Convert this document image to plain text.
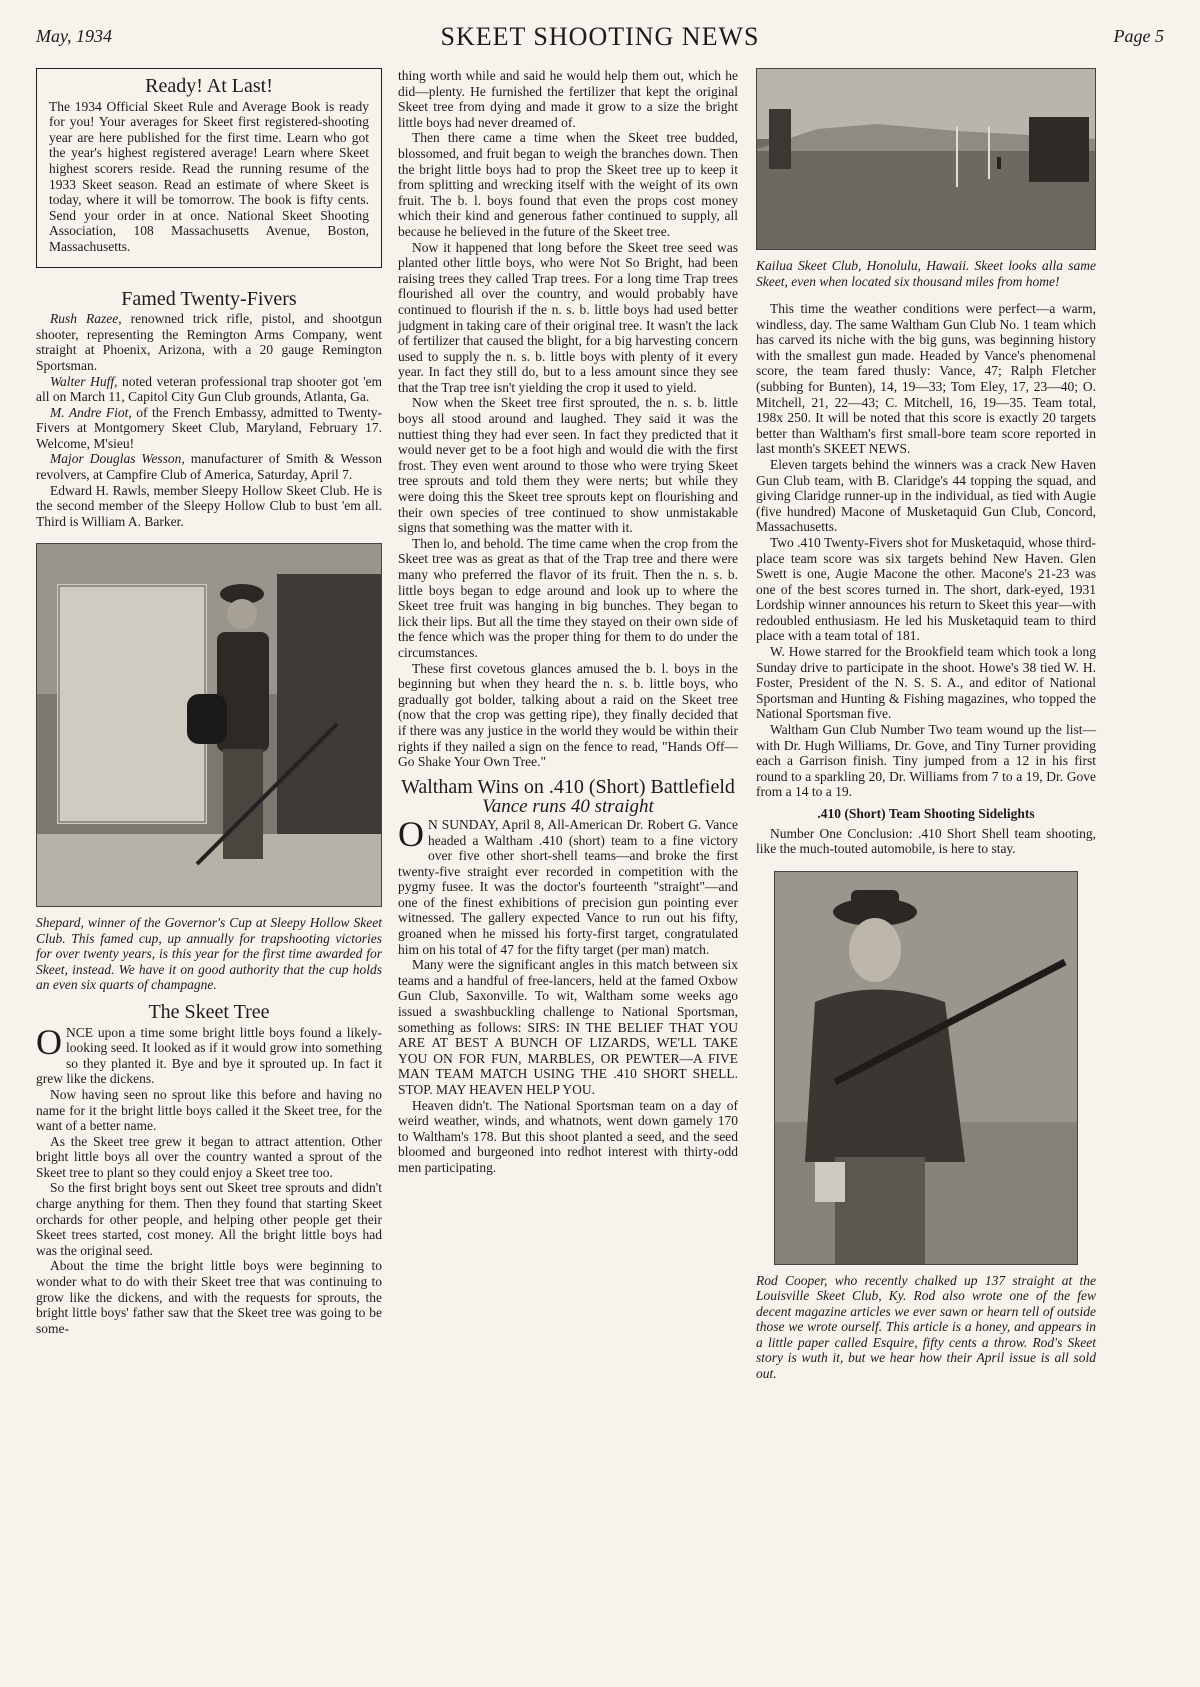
May, 1934	SKEET SHOOTING NEWS	Page 5
Ready! At Last!

The 1934 Official Skeet Rule and Average Book is ready for you! Your averages for Skeet first registered-shooting year are here published for the first time. Learn who got the year's highest registered average! Learn where Skeet highest scorers reside. Read the running resume of the 1933 Skeet season. Read an estimate of where Skeet is today, where it will be tomorrow. The book is fifty cents. Send your order in at once. National Skeet Shooting Association, 108 Massachusetts Avenue, Boston, Massachusetts.

Famed Twenty-Fivers

Rush Razee, renowned trick rifle, pistol, and shootgun shooter, representing the Remington Arms Company, went straight at Phoenix, Arizona, with a 20 gauge Remington Sportsman.

Walter Huff, noted veteran professional trap shooter got 'em all on March 11, Capitol City Gun Club grounds, Atlanta, Ga.

M. Andre Fiot, of the French Embassy, admitted to Twenty-Fivers at Montgomery Skeet Club, Maryland, February 17. Welcome, M'sieu!

Major Douglas Wesson, manufacturer of Smith & Wesson revolvers, at Campfire Club of America, Saturday, April 7.

Edward H. Rawls, member Sleepy Hollow Skeet Club. He is the second member of the Sleepy Hollow Club to bust 'em all. Third is William A. Barker.

Shepard, winner of the Governor's Cup at Sleepy Hollow Skeet Club. This famed cup, up annually for trapshooting victories for over twenty years, is this year for the first time awarded for Skeet, instead. We have it on good authority that the cup holds an even six quarts of champagne.
The Skeet Tree

ONCE upon a time some bright little boys found a likely-looking seed. It looked as if it would grow into something so they planted it. Bye and bye it sprouted up. In fact it grew like the dickens.

Now having seen no sprout like this before and having no name for it the bright little boys called it the Skeet tree, for the want of a better name.

As the Skeet tree grew it began to attract attention. Other bright little boys all over the country wanted a sprout of the Skeet tree to plant so they could enjoy a Skeet tree too.

So the first bright boys sent out Skeet tree sprouts and didn't charge anything for them. Then they found that starting Skeet orchards for other people, and helping other people get their Skeet trees started, cost money. All the bright little boys had was the original seed.

About the time the bright little boys were beginning to wonder what to do with their Skeet tree that was continuing to grow like the dickens, and with the requests for sprouts, the bright little boys' father saw that the Skeet tree was going to be some-

thing worth while and said he would help them out, which he did—plenty. He furnished the fertilizer that kept the original Skeet tree from dying and made it grow to a size the bright little boys had never dreamed of.

Then there came a time when the Skeet tree budded, blossomed, and fruit began to weigh the branches down. Then the bright little boys had to prop the Skeet tree up to keep it from splitting and wrecking itself with the weight of its own fruit. The b. l. boys found that even the props cost money which their kind and generous father continued to supply, all because he believed in the future of the Skeet tree.

Now it happened that long before the Skeet tree seed was planted other little boys, who were Not So Bright, had been raising trees they called Trap trees. For a long time Trap trees flourished all over the country, and would probably have continued to flourish if the n. s. b. little boys had used better judgment in taking care of their original tree. It wasn't the lack of fertilizer that caused the blight, for a big harvesting concern used to supply the n. s. b. little boys with plenty of it every year. In fact they still do, but to a less amount since they see that the Trap tree isn't yielding the crop it used to yield.

Now when the Skeet tree first sprouted, the n. s. b. little boys all stood around and laughed. They said it was the nuttiest thing they had ever seen. In fact they predicted that it would never get to be a foot high and would die with the first frost. They even went around to those who were trying Skeet tree sprouts and told them they were nerts; but while they were doing this the Skeet tree sprouts kept on flourishing and their own species of tree continued to show unmistakable signs that something was the matter with it.

Then lo, and behold. The time came when the crop from the Skeet tree was as great as that of the Trap tree and there were many who preferred the flavor of its fruit. Then the n. s. b. little boys began to edge around and look up to where the Skeet tree fruit was hanging in big bunches. They began to lick their lips. But all the time they stayed on their own side of the fence which was the proper thing for them to do under the circumstances.

These first covetous glances amused the b. l. boys in the beginning but when they heard the n. s. b. little boys, who gradually got bolder, talking about a raid on the Skeet tree (now that the crop was getting ripe), they finally decided that if there was any justice in the world they would be within their rights if they nailed a sign on the fence to read, "Hands Off—Go Shake Your Own Tree."

Waltham Wins on .410 (Short) Battlefield
Vance runs 40 straight

O N SUNDAY, April 8, All-American Dr. Robert G. Vance headed a Waltham .410 (short) team to a fine victory over five other short-shell teams—and broke the first twenty-five straight ever recorded in competition with the pygmy fusee. It was the doctor's fourteenth "straight"—and one of the finest exhibitions of precision gun pointing ever witnessed. The gallery expected Vance to run out his fifty, groaned when he missed his forty-first target, congratulated him on his total of 47 for the fifty target (per man) match.

Many were the significant angles in this match between six teams and a handful of free-lancers, held at the famed Oxbow Gun Club, Saxonville. To wit, Waltham some weeks ago issued a swashbuckling challenge to National Sportsman, something as follows: SIRS: IN THE BELIEF THAT YOU ARE AT BEST A BUNCH OF LIZARDS, WE'LL TAKE YOU ON FOR FUN, MARBLES, OR PEWTER—A FIVE MAN TEAM MATCH USING THE .410 SHORT SHELL. STOP. MAY HEAVEN HELP YOU.

Heaven didn't. The National Sportsman team on a day of weird weather, winds, and whatnots, went down gamely 170 to Waltham's 178. But this shoot planted a seed, and the seed bloomed and burgeoned into redhot interest with thirty-odd men participating.

Kailua Skeet Club, Honolulu, Hawaii. Skeet looks alla same Skeet, even when located six thousand miles from home!

This time the weather conditions were perfect—a warm, windless, day. The same Waltham Gun Club No. 1 team which has carved its niche with the big guns, was beginning history with the smallest gun made. Headed by Vance's phenomenal score, the team fared thusly: Vance, 47; Ralph Fletcher (subbing for Bunten), 14, 19—33; Tom Eley, 17, 23—40; O. Mitchell, 21, 22—43; C. Mitchell, 16, 19—35. Team total, 198x 250. It will be noted that this score is exactly 20 targets better than Waltham's first small-bore team score reported in last month's SKEET NEWS.

Eleven targets behind the winners was a crack New Haven Gun Club team, with B. Claridge's 44 topping the squad, and giving Claridge runner-up in the individual, as tied with Augie (five hundred) Macone of Musketaquid Gun Club, Concord, Massachusetts.

Two .410 Twenty-Fivers shot for Musketaquid, whose third-place team score was six targets behind New Haven. Glen Swett is one, Augie Macone the other. Macone's 21-23 was one of the best scores turned in. The short, dark-eyed, 1931 Lordship winner announces his return to Skeet this year—with redoubled enthusiasm. He led his Musketaquid team to third place with a team total of 181.

W. Howe starred for the Brookfield team which took a long Sunday drive to participate in the shoot. Howe's 38 tied W. H. Foster, President of the N. S. S. A., and editor of National Sportsman and Hunting & Fishing magazines, who topped the National Sportsman five.

Waltham Gun Club Number Two team wound up the list—with Dr. Hugh Williams, Dr. Gove, and Tiny Turner providing each a Garrison finish. Tiny jumped from a 12 in his first round to a sparkling 20, Dr. Williams from 7 to a 19, Dr. Gove from a 14 to a 19.

.410 (Short) Team Shooting Sidelights

Number One Conclusion: .410 Short Shell team shooting, like the much-touted automobile, is here to stay.

Rod Cooper, who recently chalked up 137 straight at the Louisville Skeet Club, Ky. Rod also wrote one of the few decent magazine articles we ever sawn or hearn tell of outside those we wrote ourself. This article is a honey, and appears in a little paper called Esquire, fifty cents a throw. Rod's Skeet story is wuth it, but we hear how their April issue is all sold out.
